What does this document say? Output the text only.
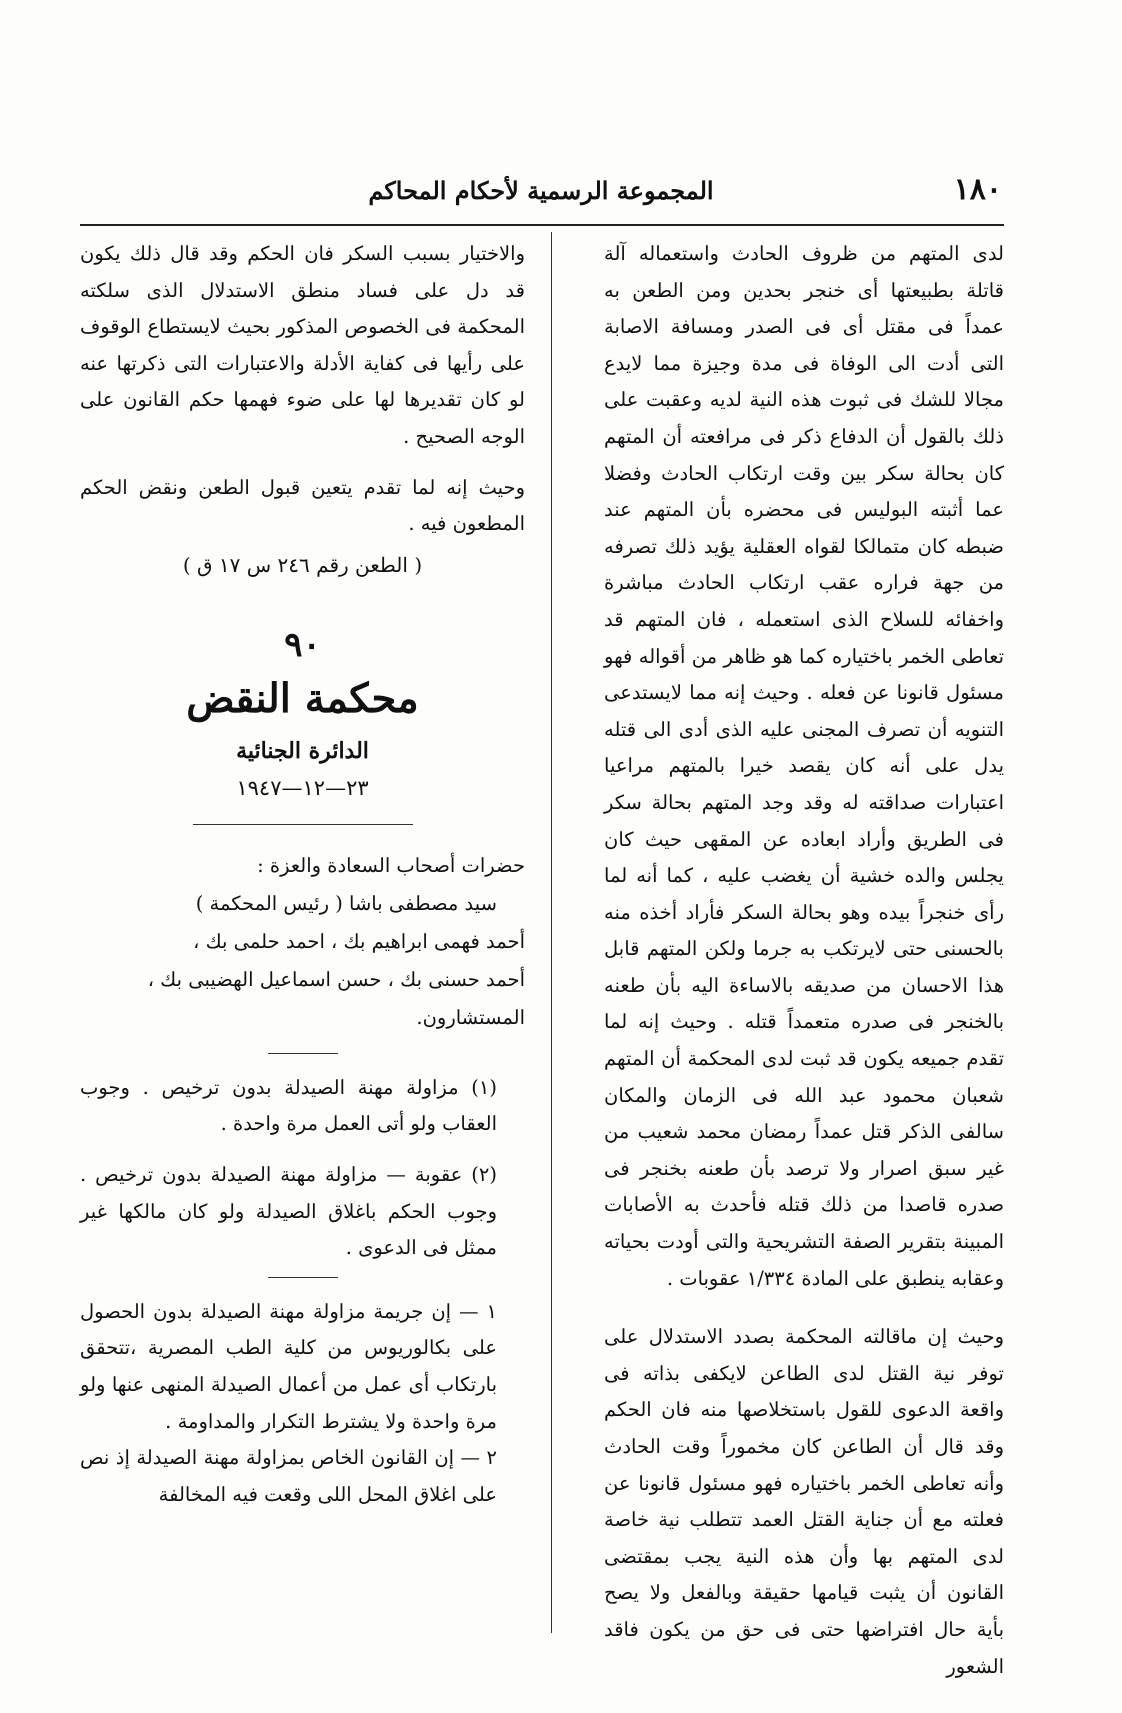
١٨٠
المجموعة الرسمية لأحكام المحاكم

لدى المتهم من ظروف الحادث واستعماله آلة قاتلة بطبيعتها أى خنجر بحدين ومن الطعن به عمداً فى مقتل أى فى الصدر ومسافة الاصابة التى أدت الى الوفاة فى مدة وجيزة مما لايدع مجالا للشك فى ثبوت هذه النية لديه وعقبت على ذلك بالقول أن الدفاع ذكر فى مرافعته أن المتهم كان بحالة سكر بين وقت ارتكاب الحادث وفضلا عما أثبته البوليس فى محضره بأن المتهم عند ضبطه كان متمالكا لقواه العقلية يؤيد ذلك تصرفه من جهة فراره عقب ارتكاب الحادث مباشرة واخفائه للسلاح الذى استعمله ، فان المتهم قد تعاطى الخمر باختياره كما هو ظاهر من أقواله فهو مسئول قانونا عن فعله . وحيث إنه مما لايستدعى التنويه أن تصرف المجنى عليه الذى أدى الى قتله يدل على أنه كان يقصد خيرا بالمتهم مراعيا اعتبارات صداقته له وقد وجد المتهم بحالة سكر فى الطريق وأراد ابعاده عن المقهى حيث كان يجلس والده خشية أن يغضب عليه ، كما أنه لما رأى خنجراً بيده وهو بحالة السكر فأراد أخذه منه بالحسنى حتى لايرتكب به جرما ولكن المتهم قابل هذا الاحسان من صديقه بالاساءة اليه بأن طعنه بالخنجر فى صدره متعمداً قتله . وحيث إنه لما تقدم جميعه يكون قد ثبت لدى المحكمة أن المتهم شعبان محمود عبد الله فى الزمان والمكان سالفى الذكر قتل عمداً رمضان محمد شعيب من غير سبق اصرار ولا ترصد بأن طعنه بخنجر فى صدره قاصدا من ذلك قتله فأحدث به الأصابات المبينة بتقرير الصفة التشريحية والتى أودت بحياته وعقابه ينطبق على المادة ١/٣٣٤ عقوبات .

وحيث إن ماقالته المحكمة بصدد الاستدلال على توفر نية القتل لدى الطاعن لايكفى بذاته فى واقعة الدعوى للقول باستخلاصها منه فان الحكم وقد قال أن الطاعن كان مخموراً وقت الحادث وأنه تعاطى الخمر باختياره فهو مسئول قانونا عن فعلته مع أن جناية القتل العمد تتطلب نية خاصة لدى المتهم بها وأن هذه النية يجب بمقتضى القانون أن يثبت قيامها حقيقة وبالفعل ولا يصح بأية حال افتراضها حتى فى حق من يكون فاقد الشعور

والاختيار بسبب السكر فان الحكم وقد قال ذلك يكون قد دل على فساد منطق الاستدلال الذى سلكته المحكمة فى الخصوص المذكور بحيث لايستطاع الوقوف على رأيها فى كفاية الأدلة والاعتبارات التى ذكرتها عنه لو كان تقديرها لها على ضوء فهمها حكم القانون على الوجه الصحيح .

وحيث إنه لما تقدم يتعين قبول الطعن ونقض الحكم المطعون فيه .

( الطعن رقم ٢٤٦ س ١٧ ق )

٩٠
محكمة النقض
الدائرة الجنائية
٢٣—١٢—١٩٤٧

حضرات أصحاب السعادة والعزة :

سيد مصطفى باشا ( رئيس المحكمة )

أحمد فهمى ابراهيم بك ، احمد حلمى بك ،

أحمد حسنى بك ، حسن اسماعيل الهضيبى بك ،

المستشارون.

(١) مزاولة مهنة الصيدلة بدون ترخيص . وجوب العقاب ولو أتى العمل مرة واحدة .

(٢) عقوبة — مزاولة مهنة الصيدلة بدون ترخيص . وجوب الحكم باغلاق الصيدلة ولو كان مالكها غير ممثل فى الدعوى .

١ — إن جريمة مزاولة مهنة الصيدلة بدون الحصول على بكالوريوس من كلية الطب المصرية ،تتحقق بارتكاب أى عمل من أعمال الصيدلة المنهى عنها ولو مرة واحدة ولا يشترط التكرار والمداومة .

٢ — إن القانون الخاص بمزاولة مهنة الصيدلة إذ نص على اغلاق المحل اللى وقعت فيه المخالفة
